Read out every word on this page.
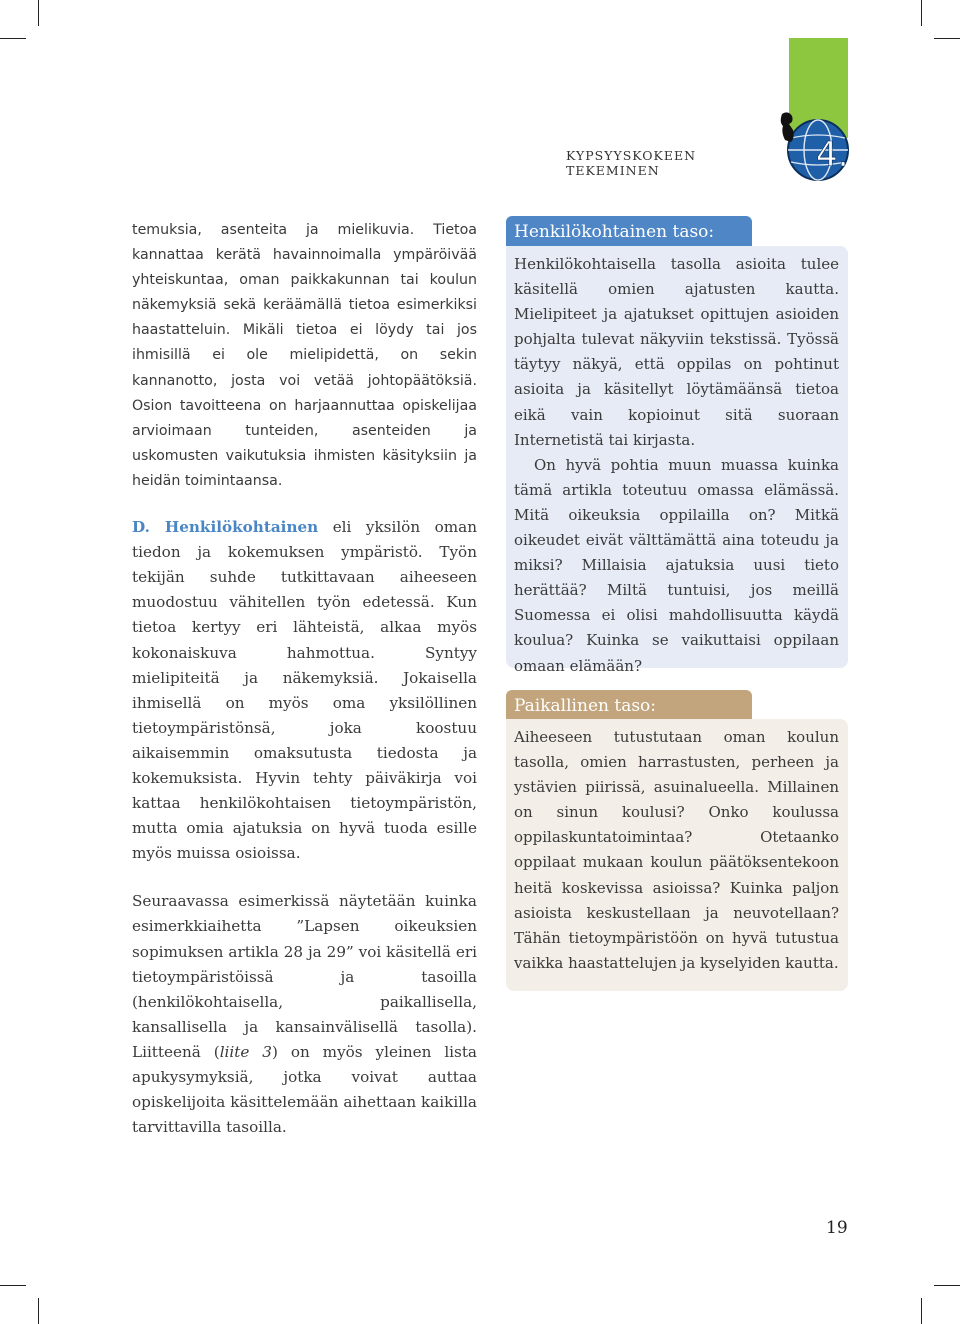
4.
KYPSYYSKOKEEN TEKEMINEN

temuksia, asenteita ja mielikuvia. Tietoa kannattaa kerätä havainnoimalla ympäröivää yhteiskuntaa, oman paikkakunnan tai koulun näkemyksiä sekä keräämällä tietoa esimerkiksi haastatteluin. Mikäli tietoa ei löydy tai jos ihmisillä ei ole mielipidettä, on sekin kannanotto, josta voi vetää johtopäätöksiä. Osion tavoitteena on harjaannuttaa opiskelijaa arvioimaan tunteiden, asenteiden ja uskomusten vaikutuksia ihmisten käsityksiin ja heidän toimintaansa.

D. Henkilökohtainen eli yksilön oman tiedon ja kokemuksen ympäristö. Työn tekijän suhde tutkittavaan aiheeseen muodostuu vähitellen työn edetessä. Kun tietoa kertyy eri lähteistä, alkaa myös kokonaiskuva hahmottua. Syntyy mielipiteitä ja näkemyksiä. Jokaisella ihmisellä on myös oma yksilöllinen tietoympäristönsä, joka koostuu aikaisemmin omaksutusta tiedosta ja kokemuksista. Hyvin tehty päiväkirja voi kattaa henkilökohtaisen tietoympäristön, mutta omia ajatuksia on hyvä tuoda esille myös muissa osioissa.

Seuraavassa esimerkissä näytetään kuinka esimerkkiaihetta ”Lapsen oikeuksien sopimuksen artikla 28 ja 29” voi käsitellä eri tietoympäristöissä ja tasoilla (henkilökohtaisella, paikallisella, kansallisella ja kansainvälisellä tasolla). Liitteenä (liite 3) on myös yleinen lista apukysymyksiä, jotka voivat auttaa opiskelijoita käsittelemään aihettaan kaikilla tarvittavilla tasoilla.

Henkilökohtainen taso:

Henkilökohtaisella tasolla asioita tulee käsitellä omien ajatusten kautta. Mielipiteet ja ajatukset opittujen asioiden pohjalta tulevat näkyviin tekstissä. Työssä täytyy näkyä, että oppilas on pohtinut asioita ja käsitellyt löytämäänsä tietoa eikä vain kopioinut sitä suoraan Internetistä tai kirjasta.

On hyvä pohtia muun muassa kuinka tämä artikla toteutuu omassa elämässä. Mitä oikeuksia oppilailla on? Mitkä oikeudet eivät välttämättä aina toteudu ja miksi? Millaisia ajatuksia uusi tieto herättää? Miltä tuntuisi, jos meillä Suomessa ei olisi mahdollisuutta käydä koulua? Kuinka se vaikuttaisi oppilaan omaan elämään?

Paikallinen taso:

Aiheeseen tutustutaan oman koulun tasolla, omien harrastusten, perheen ja ystävien piirissä, asuinalueella. Millainen on sinun koulusi? Onko koulussa oppilaskuntatoimintaa? Otetaanko oppilaat mukaan koulun päätöksentekoon heitä koskevissa asioissa? Kuinka paljon asioista keskustellaan ja neuvotellaan? Tähän tietoympäristöön on hyvä tutustua vaikka haastattelujen ja kyselyiden kautta.

19
